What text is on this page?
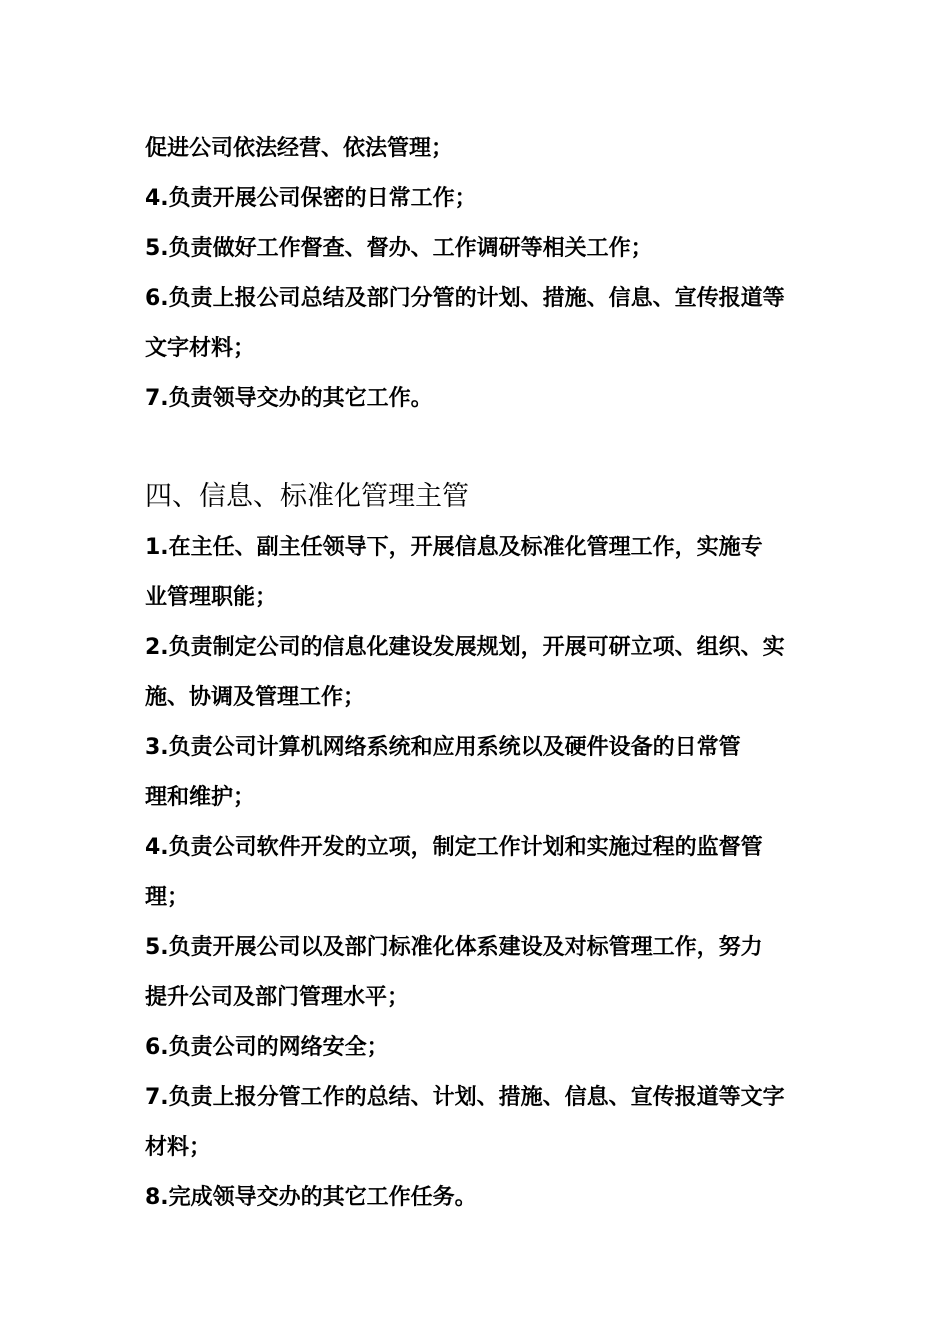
促进公司依法经营、依法管理；
4.负责开展公司保密的日常工作；
5.负责做好工作督查、督办、工作调研等相关工作；
6.负责上报公司总结及部门分管的计划、措施、信息、宣传报道等
文字材料；
7.负责领导交办的其它工作。
四、信息、标准化管理主管
1.在主任、副主任领导下，开展信息及标准化管理工作，实施专
业管理职能；
2.负责制定公司的信息化建设发展规划，开展可研立项、组织、实
施、协调及管理工作；
3.负责公司计算机网络系统和应用系统以及硬件设备的日常管
理和维护；
4.负责公司软件开发的立项，制定工作计划和实施过程的监督管
理；
5.负责开展公司以及部门标准化体系建设及对标管理工作，努力
提升公司及部门管理水平；
6.负责公司的网络安全；
7.负责上报分管工作的总结、计划、措施、信息、宣传报道等文字
材料；
8.完成领导交办的其它工作任务。
